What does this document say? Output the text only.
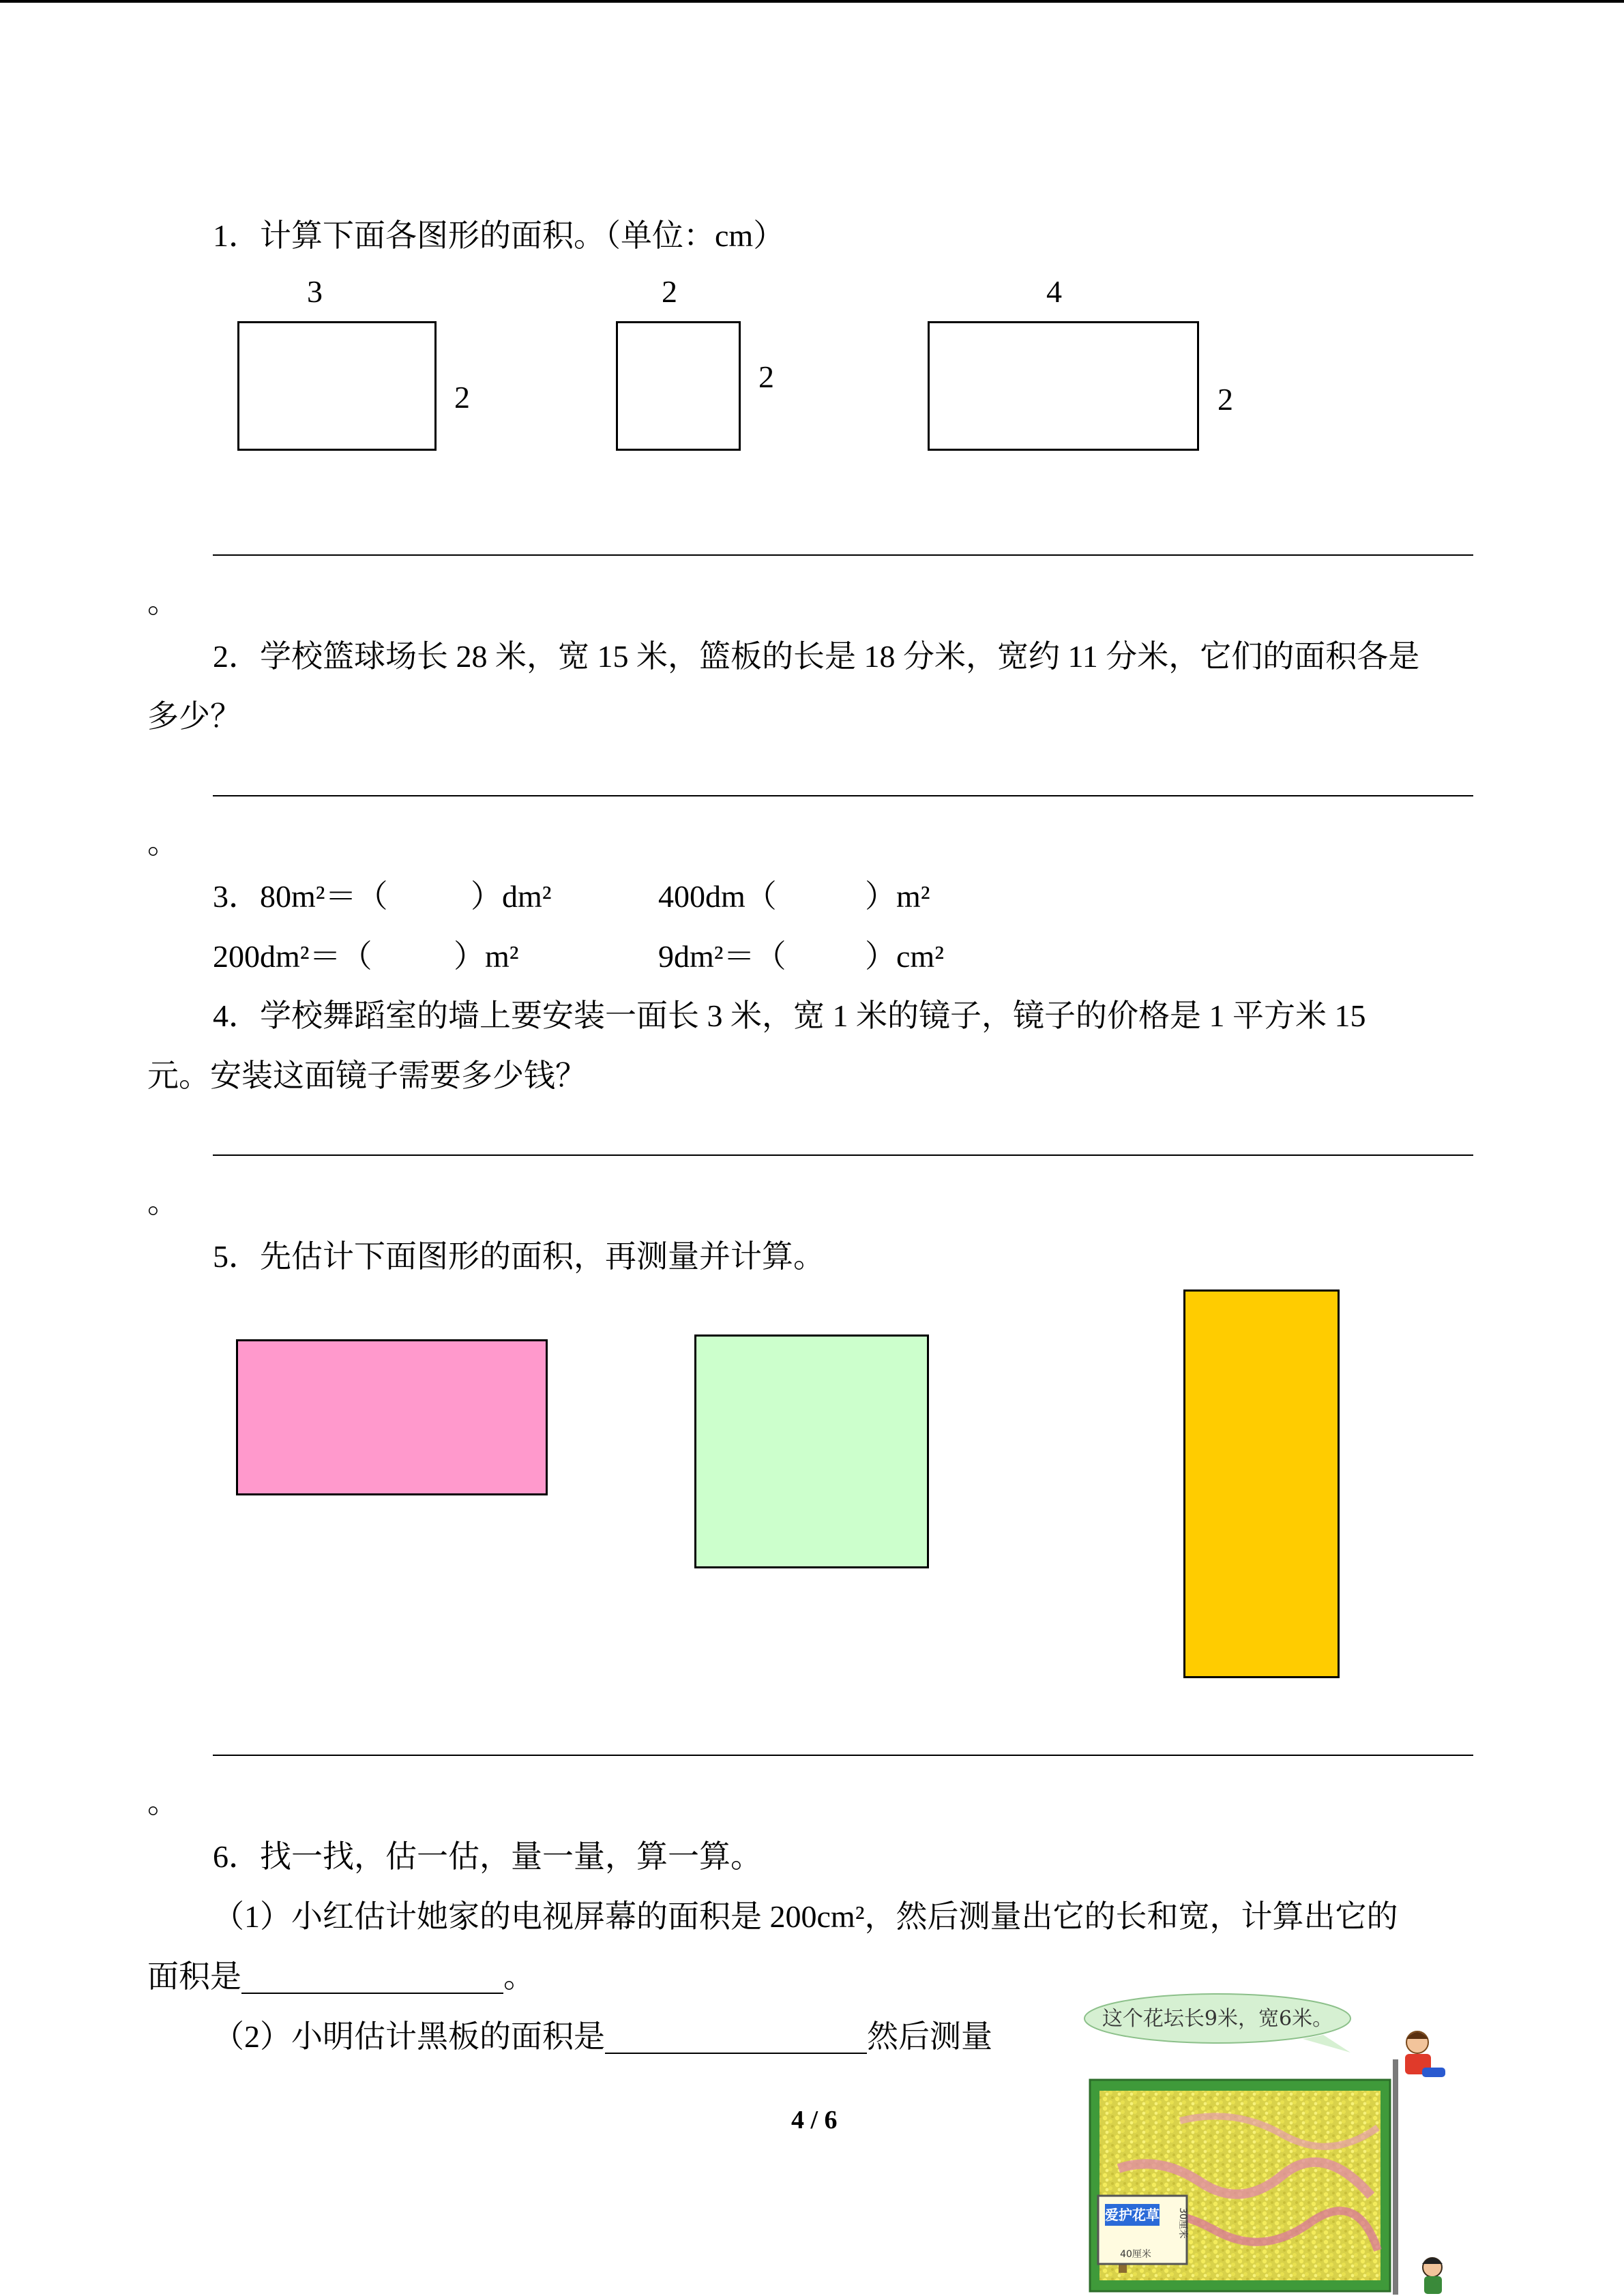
1．计算下面各图形的面积。（单位：cm）
3
2
2
2
4
2
。
2．学校篮球场长 28 米，宽 15 米，篮板的长是 18 分米，宽约 11 分米，它们的面积各是
多少？
。
3．80m²＝（	）dm²	400dm（	）m²
200dm²＝（	）m²	9dm²＝（	）cm²
4．学校舞蹈室的墙上要安装一面长 3 米，宽 1 米的镜子，镜子的价格是 1 平方米 15
元。安装这面镜子需要多少钱？
。
5．先估计下面图形的面积，再测量并计算。
。
6．找一找，估一估，量一量，算一算。
（1）小红估计她家的电视屏幕的面积是 200cm²，然后测量出它的长和宽，计算出它的
面积是	。
（2）小明估计黑板的面积是	然后测量
4 / 6
这个花坛长9米，宽6米。
爱护花草
40厘米
30厘米
